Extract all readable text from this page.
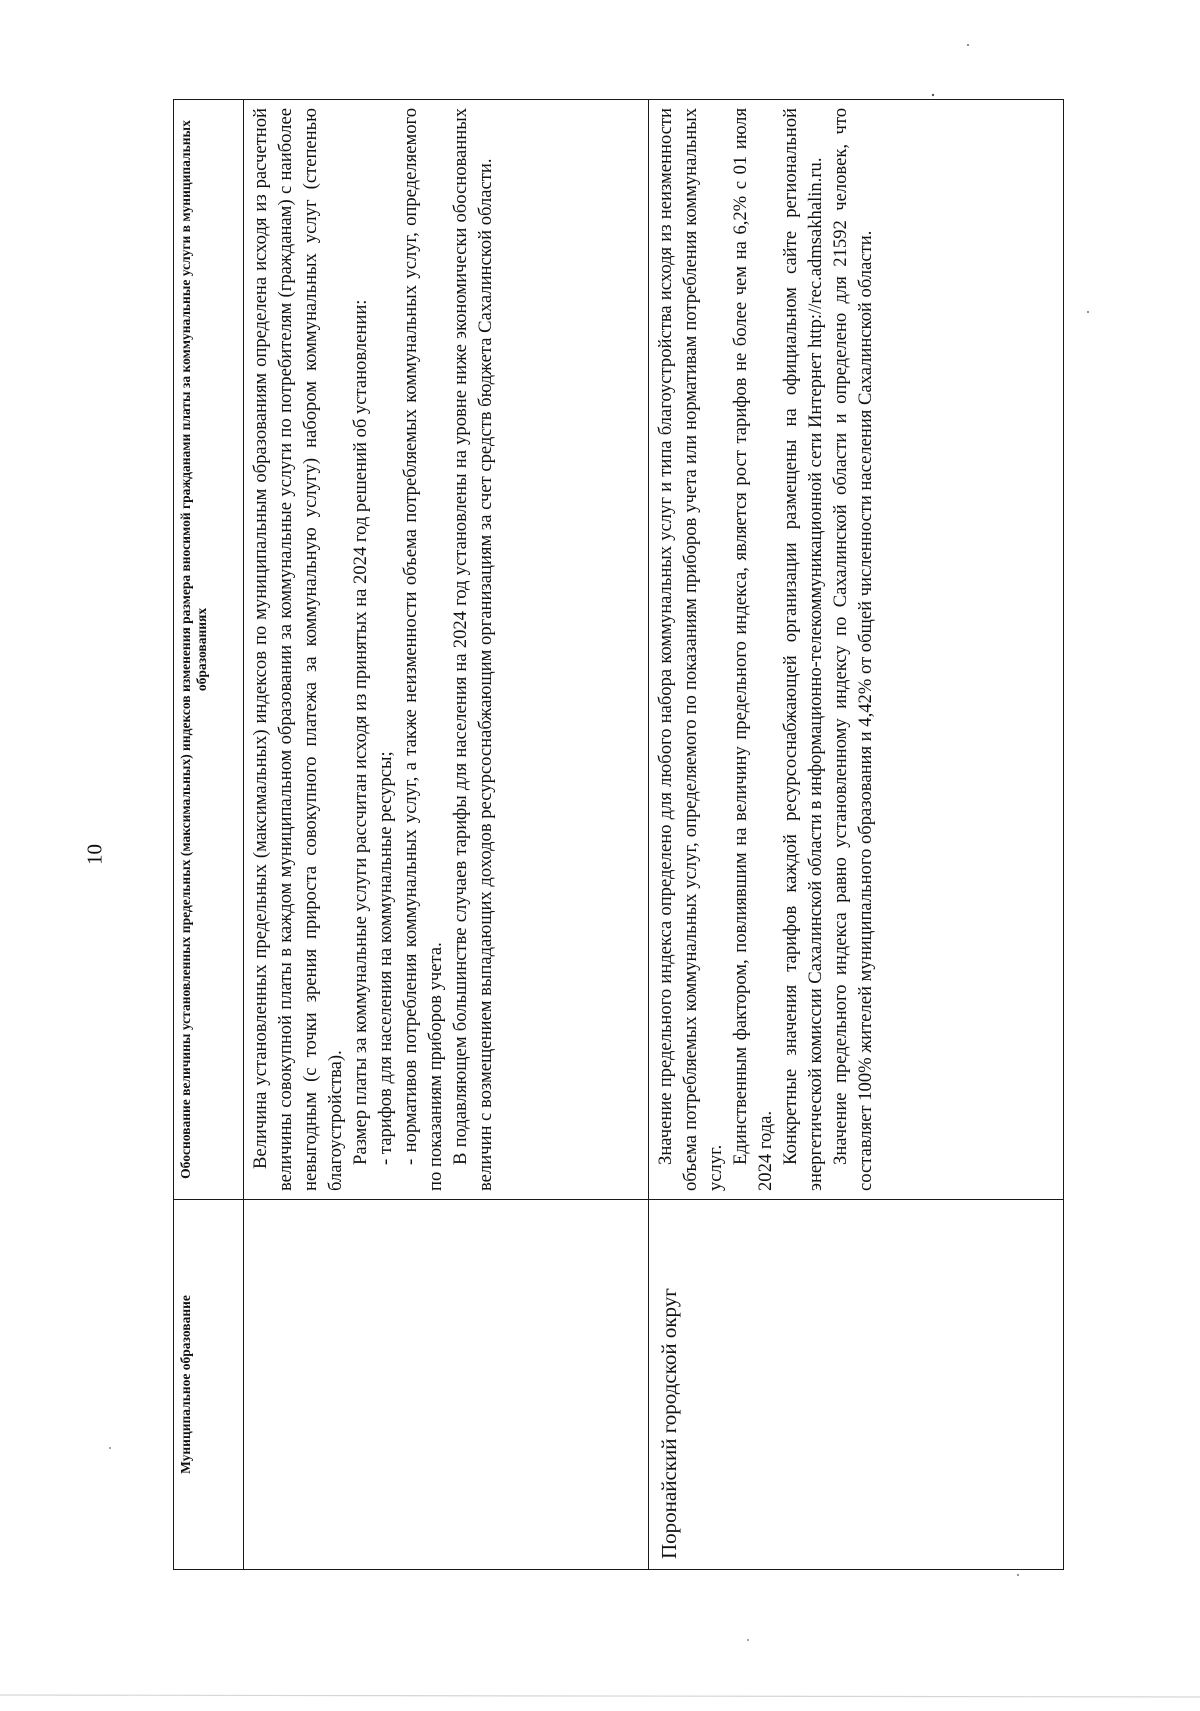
10
Муниципальное образование	Обоснование величины установленных предельных (максимальных) индексов изменения размера вносимой гражданами платы за коммунальные услуги в муниципальных образованиях

	Величина установленных предельных (максимальных) индексов по муниципальным образованиям определена исходя из расчетной величины совокупной платы в каждом муниципальном образовании за коммунальные услуги по потребителям (гражданам) с наиболее невыгодным (с точки зрения прироста совокупного платежа за коммунальную услугу) набором коммунальных услуг (степенью благоустройства). Размер платы за коммунальные услуги рассчитан исходя из принятых на 2024 год решений об установлении: - тарифов для населения на коммунальные ресурсы; - нормативов потребления коммунальных услуг, а также неизменности объема потребляемых коммунальных услуг, определяемого по показаниям приборов учета. В подавляющем большинстве случаев тарифы для населения на 2024 год установлены на уровне ниже экономически обоснованных величин с возмещением выпадающих доходов ресурсоснабжающим организациям за счет средств бюджета Сахалинской области.

Поронайский городской округ	Значение предельного индекса определено для любого набора коммунальных услуг и типа благоустройства исходя из неизменности объема потребляемых коммунальных услуг, определяемого по показаниям приборов учета или нормативам потребления коммунальных услуг.

Единственным фактором, повлиявшим на величину предельного индекса, является рост тарифов не более чем на 6,2% с 01 июля 2024 года. Конкретные значения тарифов каждой ресурсоснабжающей организации размещены на официальном сайте региональной энергетической комиссии Сахалинской области в информационно-телекоммуникационной сети Интернет http://rec.admsakhalin.ru. Значение предельного индекса равно установленному индексу по Сахалинской области и определено для 21592 человек, что составляет 100% жителей муниципального образования и 4,42% от общей численности населения Сахалинской области.
